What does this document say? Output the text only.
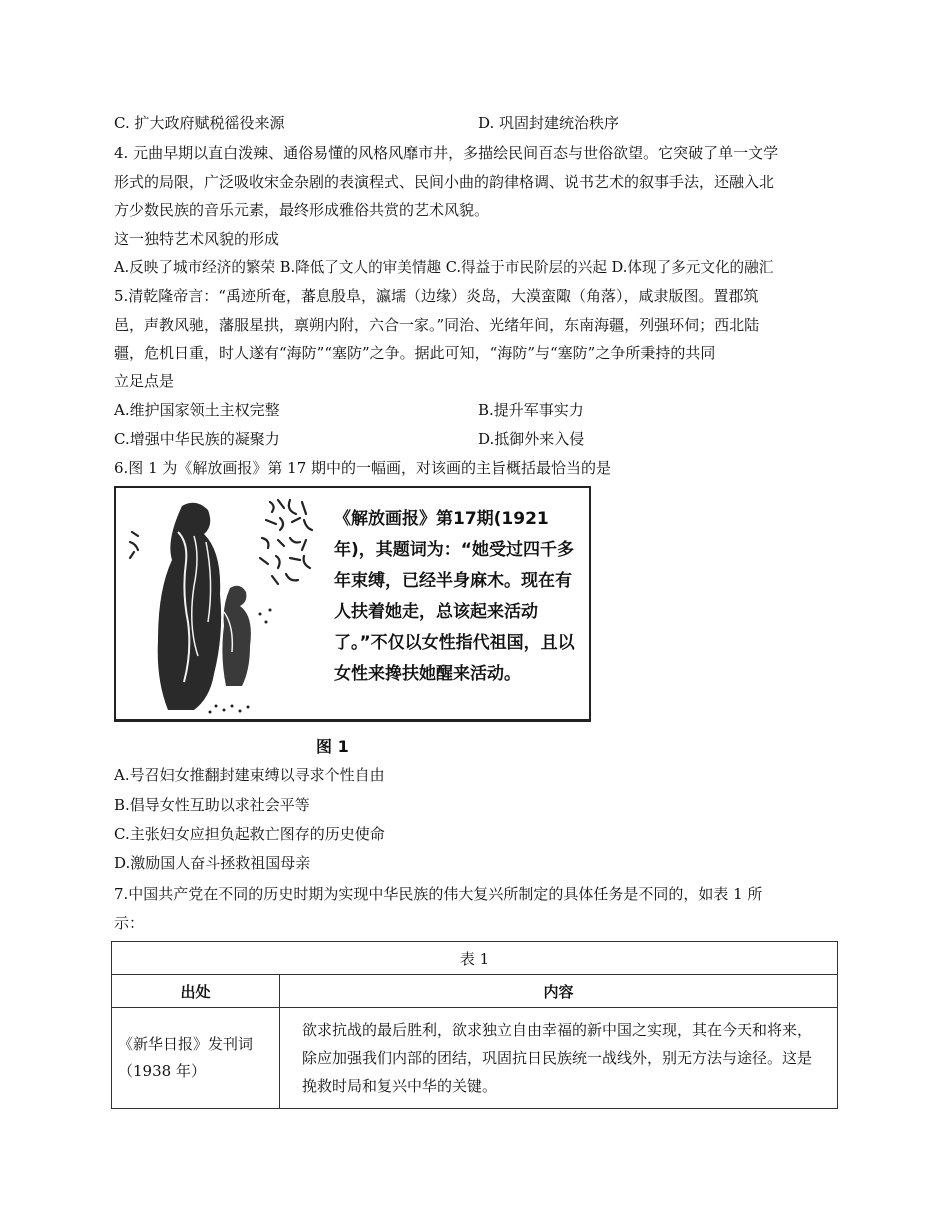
C. 扩大政府赋税徭役来源	D. 巩固封建统治秩序
4. 元曲早期以直白泼辣、通俗易懂的风格风靡市井，多描绘民间百态与世俗欲望。它突破了单一文学
形式的局限，广泛吸收宋金杂剧的表演程式、民间小曲的韵律格调、说书艺术的叙事手法，还融入北
方少数民族的音乐元素，最终形成雅俗共赏的艺术风貌。
这一独特艺术风貌的形成
A.反映了城市经济的繁荣 B.降低了文人的审美情趣 C.得益于市民阶层的兴起 D.体现了多元文化的融汇
5.清乾隆帝言：“禹迹所奄，蕃息殷阜，瀛壖（边缘）炎岛，大漠蛮陬（角落），咸隶版图。置郡筑
邑，声教风驰，藩服星拱，禀朔内附，六合一家。”同治、光绪年间，东南海疆，列强环伺；西北陆
疆，危机日重，时人遂有“海防”“塞防”之争。据此可知，“海防”与“塞防”之争所秉持的共同
立足点是
A.维护国家领土主权完整	B.提升军事实力
C.增强中华民族的凝聚力	D.抵御外来入侵
6.图 1 为《解放画报》第 17 期中的一幅画，对该画的主旨概括最恰当的是
《解放画报》第17期(1921年)，其题词为：“她受过四千多年束缚，已经半身麻木。现在有人扶着她走，总该起来活动了。”不仅以女性指代祖国，且以女性来搀扶她醒来活动。
图 1
A.号召妇女推翻封建束缚以寻求个性自由
B.倡导女性互助以求社会平等
C.主张妇女应担负起救亡图存的历史使命
D.激励国人奋斗拯救祖国母亲
7.中国共产党在不同的历史时期为实现中华民族的伟大复兴所制定的具体任务是不同的，如表 1 所
示：
表 1	
出处	内容
《新华日报》发刊词（1938 年）	欲求抗战的最后胜利，欲求独立自由幸福的新中国之实现，其在今天和将来，除应加强我们内部的团结，巩固抗日民族统一战线外，别无方法与途径。这是挽救时局和复兴中华的关键。
